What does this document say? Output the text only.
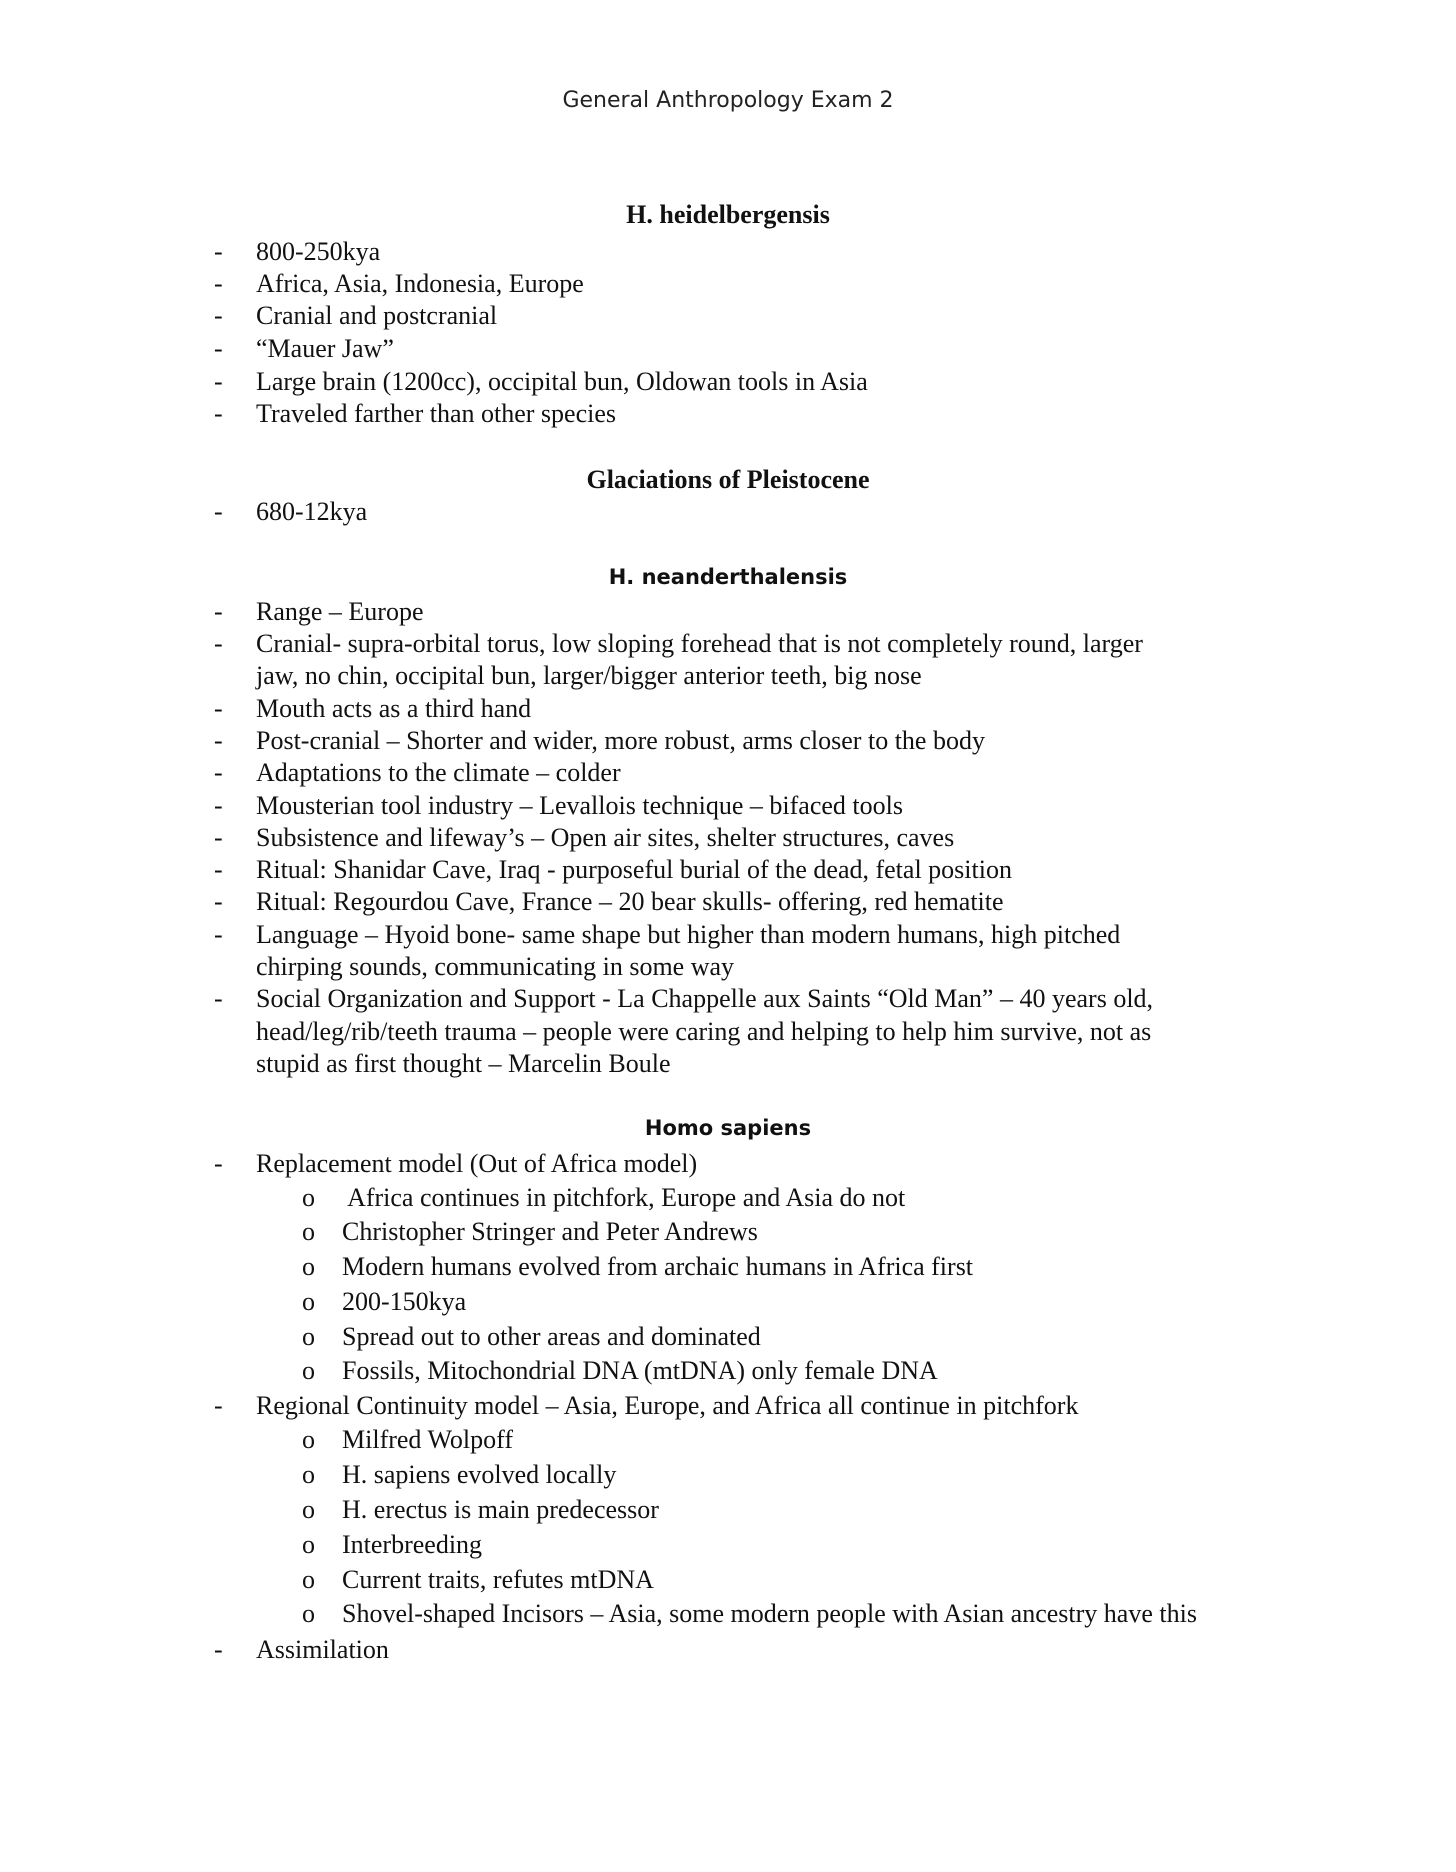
General Anthropology Exam 2
H. heidelbergensis
- 800-250kya
- Africa, Asia, Indonesia, Europe
- Cranial and postcranial
- “Mauer Jaw”
- Large brain (1200cc), occipital bun, Oldowan tools in Asia
- Traveled farther than other species
Glaciations of Pleistocene
- 680-12kya
H. neanderthalensis
- Range – Europe
- Cranial- supra-orbital torus, low sloping forehead that is not completely round, larger
jaw, no chin, occipital bun, larger/bigger anterior teeth, big nose
- Mouth acts as a third hand
- Post-cranial – Shorter and wider, more robust, arms closer to the body
- Adaptations to the climate – colder
- Mousterian tool industry – Levallois technique – bifaced tools
- Subsistence and lifeway’s – Open air sites, shelter structures, caves
- Ritual: Shanidar Cave, Iraq - purposeful burial of the dead, fetal position
- Ritual: Regourdou Cave, France – 20 bear skulls- offering, red hematite
- Language – Hyoid bone- same shape but higher than modern humans, high pitched
chirping sounds, communicating in some way
- Social Organization and Support - La Chappelle aux Saints “Old Man” – 40 years old,
head/leg/rib/teeth trauma – people were caring and helping to help him survive, not as
stupid as first thought – Marcelin Boule
Homo sapiens
- Replacement model (Out of Africa model)
o Africa continues in pitchfork, Europe and Asia do not
o Christopher Stringer and Peter Andrews
o Modern humans evolved from archaic humans in Africa first
o 200-150kya
o Spread out to other areas and dominated
o Fossils, Mitochondrial DNA (mtDNA) only female DNA
- Regional Continuity model – Asia, Europe, and Africa all continue in pitchfork
o Milfred Wolpoff
o H. sapiens evolved locally
o H. erectus is main predecessor
o Interbreeding
o Current traits, refutes mtDNA
o Shovel-shaped Incisors – Asia, some modern people with Asian ancestry have this
- Assimilation
